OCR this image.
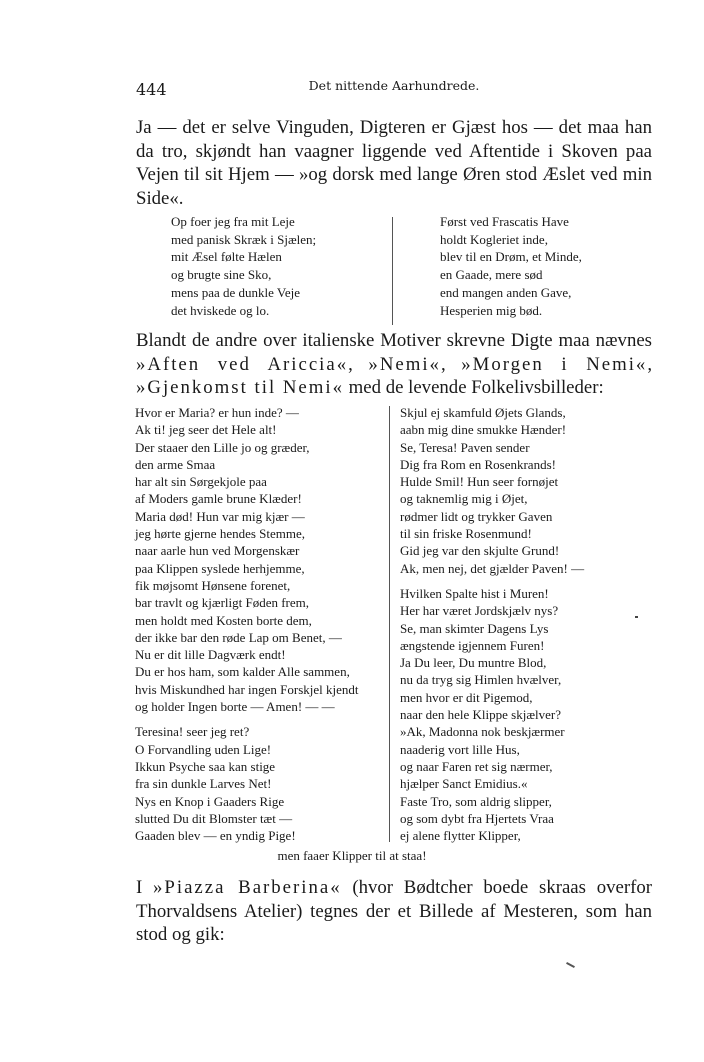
444	Det nittende Aarhundrede.

Ja — det er selve Vinguden, Digteren er Gjæst hos — det maa han da tro, skjøndt han vaagner liggende ved Aftentide i Skoven paa Vejen til sit Hjem — »og dorsk med lange Øren stod Æslet ved min Side«.

Op foer jeg fra mit Leje
med panisk Skræk i Sjælen;
mit Æsel følte Hælen
og brugte sine Sko,
mens paa de dunkle Veje
det hviskede og lo.
Først ved Frascatis Have
holdt Kogleriet inde,
blev til en Drøm, et Minde,
en Gaade, mere sød
end mangen anden Gave,
Hesperien mig bød.

Blandt de andre over italienske Motiver skrevne Digte maa nævnes »Aften ved Ariccia«, »Nemi«, »Morgen i Nemi«, »Gjenkomst til Nemi« med de levende Folkelivsbilleder:

Hvor er Maria? er hun inde? —
Ak ti! jeg seer det Hele alt!
Der staaer den Lille jo og græder,
den arme Smaa
har alt sin Sørgekjole paa
af Moders gamle brune Klæder!
Maria død! Hun var mig kjær —
jeg hørte gjerne hendes Stemme,
naar aarle hun ved Morgenskær
paa Klippen syslede herhjemme,
fik møjsomt Hønsene forenet,
bar travlt og kjærligt Føden frem,
men holdt med Kosten borte dem,
der ikke bar den røde Lap om Benet, —
Nu er dit lille Dagværk endt!
Du er hos ham, som kalder Alle sammen,
hvis Miskundhed har ingen Forskjel kjendt
og holder Ingen borte — Amen! — —
Teresina! seer jeg ret?
O Forvandling uden Lige!
Ikkun Psyche saa kan stige
fra sin dunkle Larves Net!
Nys en Knop i Gaaders Rige
slutted Du dit Blomster tæt —
Gaaden blev — en yndig Pige!
Skjul ej skamfuld Øjets Glands,
aabn mig dine smukke Hænder!
Se, Teresa! Paven sender
Dig fra Rom en Rosenkrands!
Hulde Smil! Hun seer fornøjet
og taknemlig mig i Øjet,
rødmer lidt og trykker Gaven
til sin friske Rosenmund!
Gid jeg var den skjulte Grund!
Ak, men nej, det gjælder Paven! —
Hvilken Spalte hist i Muren!
Her har været Jordskjælv nys?
Se, man skimter Dagens Lys
ængstende igjennem Furen!
Ja Du leer, Du muntre Blod,
nu da tryg sig Himlen hvælver,
men hvor er dit Pigemod,
naar den hele Klippe skjælver?
»Ak, Madonna nok beskjærmer
naaderig vort lille Hus,
og naar Faren ret sig nærmer,
hjælper Sanct Emidius.«
Faste Tro, som aldrig slipper,
og som dybt fra Hjertets Vraa
ej alene flytter Klipper,
men faaer Klipper til at staa!

I »Piazza Barberina« (hvor Bødtcher boede skraas overfor Thorvaldsens Atelier) tegnes der et Billede af Mesteren, som han stod og gik:
